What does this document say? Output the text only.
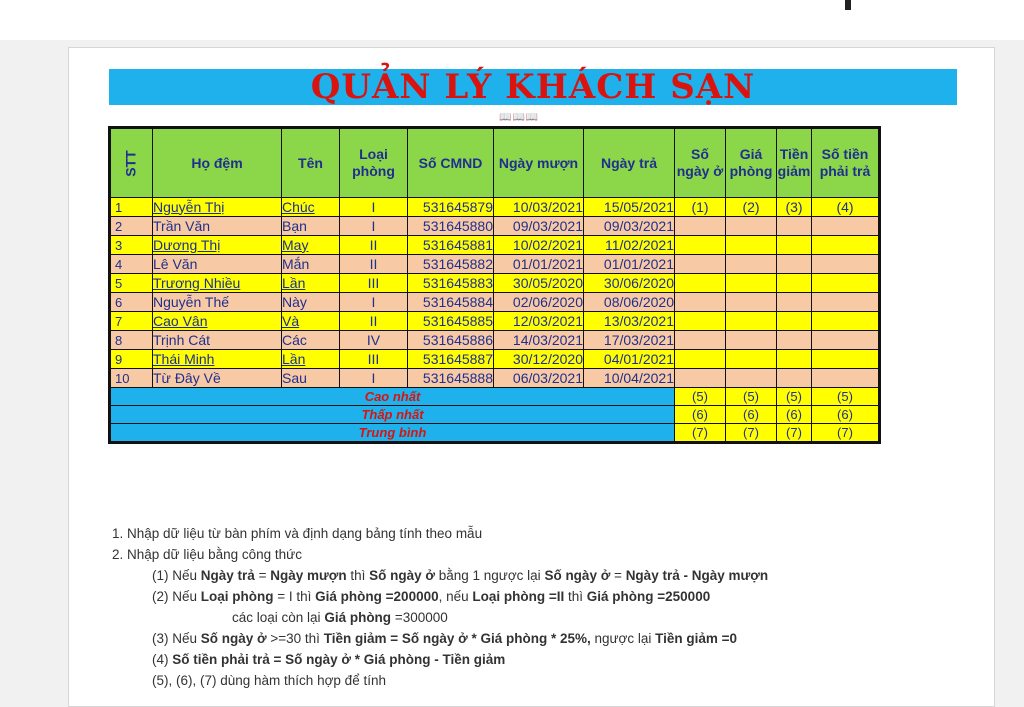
QUẢN LÝ KHÁCH SẠN
📖📖📖
STT	Họ đệm	Tên	Loại phòng	Số CMND	Ngày mượn	Ngày trả	Số ngày ở	Giá phòng	Tiền giảm	Số tiền phải trả
1	Nguyễn Thị	Chúc	I	531645879	10/03/2021	15/05/2021	(1)	(2)	(3)	(4)
2	Trần Văn	Bạn	I	531645880	09/03/2021	09/03/2021				
3	Dương Thị	May	II	531645881	10/02/2021	11/02/2021				
4	Lê Văn	Mắn	II	531645882	01/01/2021	01/01/2021				
5	Trương Nhiều	Lần	III	531645883	30/05/2020	30/06/2020				
6	Nguyễn Thế	Này	I	531645884	02/06/2020	08/06/2020				
7	Cao Vân	Và	II	531645885	12/03/2021	13/03/2021				
8	Trịnh Cát	Các	IV	531645886	14/03/2021	17/03/2021				
9	Thái Minh	Lần	III	531645887	30/12/2020	04/01/2021				
10	Từ Đây Về	Sau	I	531645888	06/03/2021	10/04/2021				
Cao nhất							(5)	(5)	(5)	(5)
Thấp nhất							(6)	(6)	(6)	(6)
Trung bình							(7)	(7)	(7)	(7)
1. Nhập dữ liệu từ bàn phím và định dạng bảng tính theo mẫu
2. Nhập dữ liệu bằng công thức
(1) Nếu Ngày trả = Ngày mượn thì Số ngày ở bằng 1 ngược lại Số ngày ở = Ngày trả - Ngày mượn
(2) Nếu Loại phòng = I thì Giá phòng =200000, nếu Loại phòng =II thì Giá phòng =250000
các loại còn lại Giá phòng =300000
(3) Nếu Số ngày ở >=30 thì Tiền giảm = Số ngày ở * Giá phòng * 25%, ngược lại Tiền giảm =0
(4) Số tiền phải trả = Số ngày ở * Giá phòng - Tiền giảm
(5), (6), (7) dùng hàm thích hợp để tính
